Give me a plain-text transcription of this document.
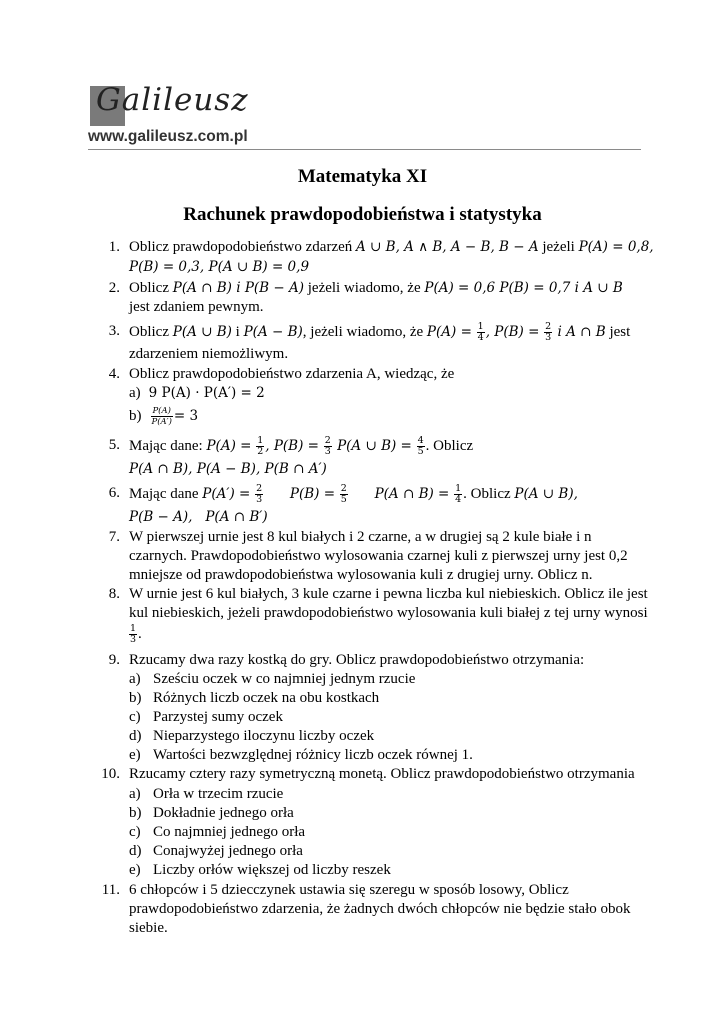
Galileusz
www.galileusz.com.pl
Matematyka XI
Rachunek prawdopodobieństwa i statystyka
1. Oblicz prawdopodobieństwo zdarzeń A ∪ B, A ∧ B, A − B, B − A jeżeli P(A) = 0,8,
P(B) = 0,3, P(A ∪ B) = 0,9
2. Oblicz P(A ∩ B) i P(B − A) jeżeli wiadomo, że P(A) = 0,6 P(B) = 0,7 i A ∪ B
jest zdaniem pewnym.
3. Oblicz P(A ∪ B) i P(A − B), jeżeli wiadomo, że $P(A) = \frac{1}{4}$ , $P(B) = \frac{2}{3}$ i A ∩ B jest
zdarzeniem niemożliwym.
4. Oblicz prawdopodobieństwo zdarzenia A, wiedząc, że
a) 9 P(A) · P(A′) = 2
$b) \frac{P(A)}{P(A')} = 3$
5. Mając dane: $P(A) = \frac{1}{2}$ , $P(B) = \frac{2}{3} P(A$ ∪ $B) = \frac{4}{5}$ . Oblicz
P(A ∩ B), P(A − B), P(B ∩ A′)
6. Mając dane $P(A') = \frac{2}{3} P(B) = \frac{2}{5} P(A$ ∩ $B) = \frac{1}{4}$ . Oblicz P(A ∪ B),
P(B − A),   P(A ∩ B′)
7. W pierwszej urnie jest 8 kul białych i 2 czarne, a w drugiej są 2 kule białe i n
czarnych. Prawdopodobieństwo wylosowania czarnej kuli z pierwszej urny jest 0,2
mniejsze od prawdopodobieństwa wylosowania kuli z drugiej urny. Oblicz n.
8. W urnie jest 6 kul białych, 3 kule czarne i pewna liczba kul niebieskich. Oblicz ile jest
kul niebieskich, jeżeli prawdopodobieństwo wylosowania kuli białej z tej urny wynosi
$\frac{1}{3}$ .
9. Rzucamy dwa razy kostką do gry. Oblicz prawdopodobieństwo otrzymania:
a) Sześciu oczek w co najmniej jednym rzucie
b) Różnych liczb oczek na obu kostkach
c) Parzystej sumy oczek
d) Nieparzystego iloczynu liczby oczek
e) Wartości bezwzględnej różnicy liczb oczek równej 1.
10. Rzucamy cztery razy symetryczną monetą. Oblicz prawdopodobieństwo otrzymania
a) Orła w trzecim rzucie
b) Dokładnie jednego orła
c) Co najmniej jednego orła
d) Conajwyżej jednego orła
e) Liczby orłów większej od liczby reszek
11. 6 chłopców i 5 dziecczynek ustawia się szeregu w sposób losowy, Oblicz
prawdopodobieństwo zdarzenia, że żadnych dwóch chłopców nie będzie stało obok
siebie.
